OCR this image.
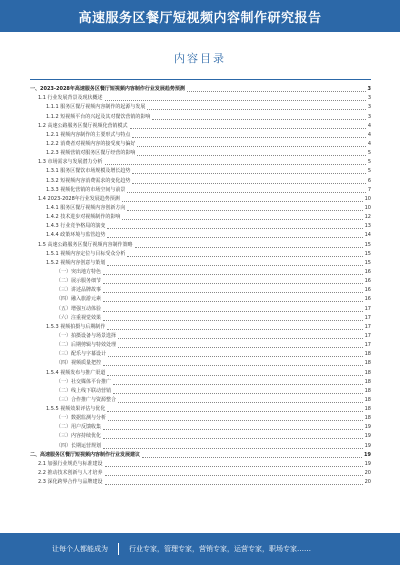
高速服务区餐厅短视频内容制作研究报告
内容目录
一、2023-2028年高速服务区餐厅短视频内容制作行业发展趋势预测	3
1.1 行业发展背景及现状概述	3
1.1.1 服务区餐厅视频内容制作的起源与发展	3
1.1.2 短视频平台的兴起及其对餐饮营销的影响	3
1.2 高速公路服务区餐厅视频化营销模式	4
1.2.1 视频内容制作的主要形式与特点	4
1.2.2 消费者对视频内容的接受度与偏好	4
1.2.3 视频营销对服务区餐厅经营的影响	5
1.3 市场需求与发展潜力分析	5
1.3.1 服务区餐饮市场规模及增长趋势	5
1.3.2 短视频内容消费需求的变化趋势	6
1.3.3 视频化营销的市场空间与前景	7
1.4 2023-2028年行业发展趋势预测	10
1.4.1 服务区餐厅视频内容创新方向	10
1.4.2 技术进步对视频制作的影响	12
1.4.3 行业竞争格局的演变	13
1.4.4 政策环境与监管趋势	14
1.5 高速公路服务区餐厅视频内容制作策略	15
1.5.1 视频内容定位与目标受众分析	15
1.5.2 视频内容创意与策划	15
（一）突出地方特色	16
（二）展示服务细节	16
（三）讲述品牌故事	16
（四）融入旅游元素	16
（五）增强互动体验	17
（六）注重视觉效果	17
1.5.3 视频拍摄与后期制作	17
（一）拍摄设备与场景选择	17
（二）后期剪辑与特效处理	17
（三）配乐与字幕设计	18
（四）视频质量把控	18
1.5.4 视频发布与推广渠道	18
（一）社交媒体平台推广	18
（二）线上线下联动营销	18
（三）合作推广与资源整合	18
1.5.5 视频效果评估与优化	18
（一）数据监测与分析	18
（二）用户反馈收集	19
（三）内容持续优化	19
（四）长期运营规划	19
二、高速服务区餐厅短视频内容制作行业发展建议	19
2.1 加强行业规范与标准建设	19
2.2 推动技术创新与人才培养	20
2.3 深化跨界合作与品牌建设	20
让每个人都能成为	行业专家，管理专家，营销专家，运营专家，职场专家……
